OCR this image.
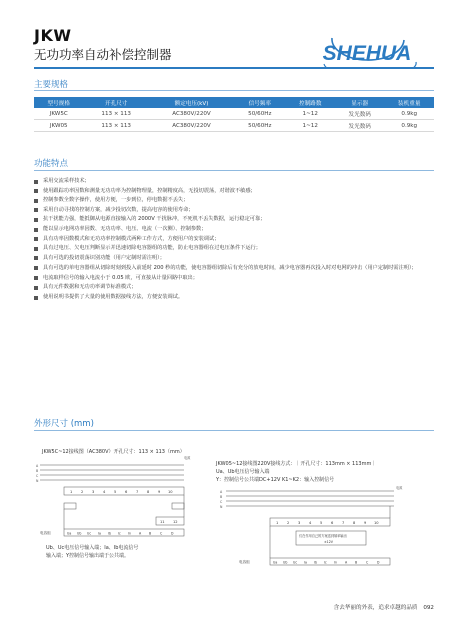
JKW
无功功率自动补偿控制器	SHEHUA
主要规格
型号规格	开孔尺寸	额定电压(kV)	信号频率	控制路数	显示器	装机重量
JKW5C	113 × 113	AC380V/220V	50/60Hz	1~12	发光数码	0.9kg
JKW05	113 × 113	AC380V/220V	50/60Hz	1~12	发光数码	0.9kg
功能特点
采用交流采样技术；
使用跟踪功率因数和测量无功功率为控制物理量，控制精度高，无投切震荡，对谐波不敏感；
控制参数全数字操作，使用方便，一步到位，停电数据不丢失；
采用自动寻找的控制方案，减少投切次数，提高电容的使用寿命；
抗干扰能力强，能抵御从电源直接输入的 2000V 干扰脉冲，不死机不丢失数据，运行稳定可靠；
能以显示电网功率因数、无功功率、电压、电流（一次侧）、控制参数；
具有功率因数模式和无功功率控制模式两种工作方式，方便用户的安装调试；
具有过电压、欠电压判断显示并迅速切除电容器组的功能，防止电容器组在过电压条件下运行；
具有可选的投切震荡识别功能（用户定制时需注明）；
具有可选的单电容器组从切除时刻到投入前延时 200 秒的功能，使电容器组切除后有充分的放电时间，减少电容器再次投入时对电网的冲击（用户定制时需注明）；
电流取样信号的输入电流小于 0.05 欧，可直接从计量回路中取出；
具有元件数据和无功功率调节标准模式；
使用说明书提供了大量的使用数据接线方法，方便安装调试。
外形尺寸 (mm)
JKW5C~12接线图（AC380V）开孔尺寸：113 × 113（mm）
A
B
C
N
电源
1 2 3 4 5 6 7 8 9 10
11 12
电容组	Ua Ub Uc Ia Ib Ic In	A B	C	D
Ub、Uc电压信号输入端；Ia、Ib电流信号
输入端；Y控制信号输出端于公共端。
JKW05~12接线图220V接线方式：｜开孔尺寸：113mm × 113mm｜
Ua、Ub电压信号输入端
Y：控制信号公共端DC+12V K1~K2：输入控制信号
A
B
C
N
电源
1 2 3 4 5 6 7 8 9 10
仅在作用自己的方案送到频率输出
±12V
电容组	Ua Ub Uc Ia Ib Ic In	A B	C	D
含去华丽的外表，追求卓越的品质 092
